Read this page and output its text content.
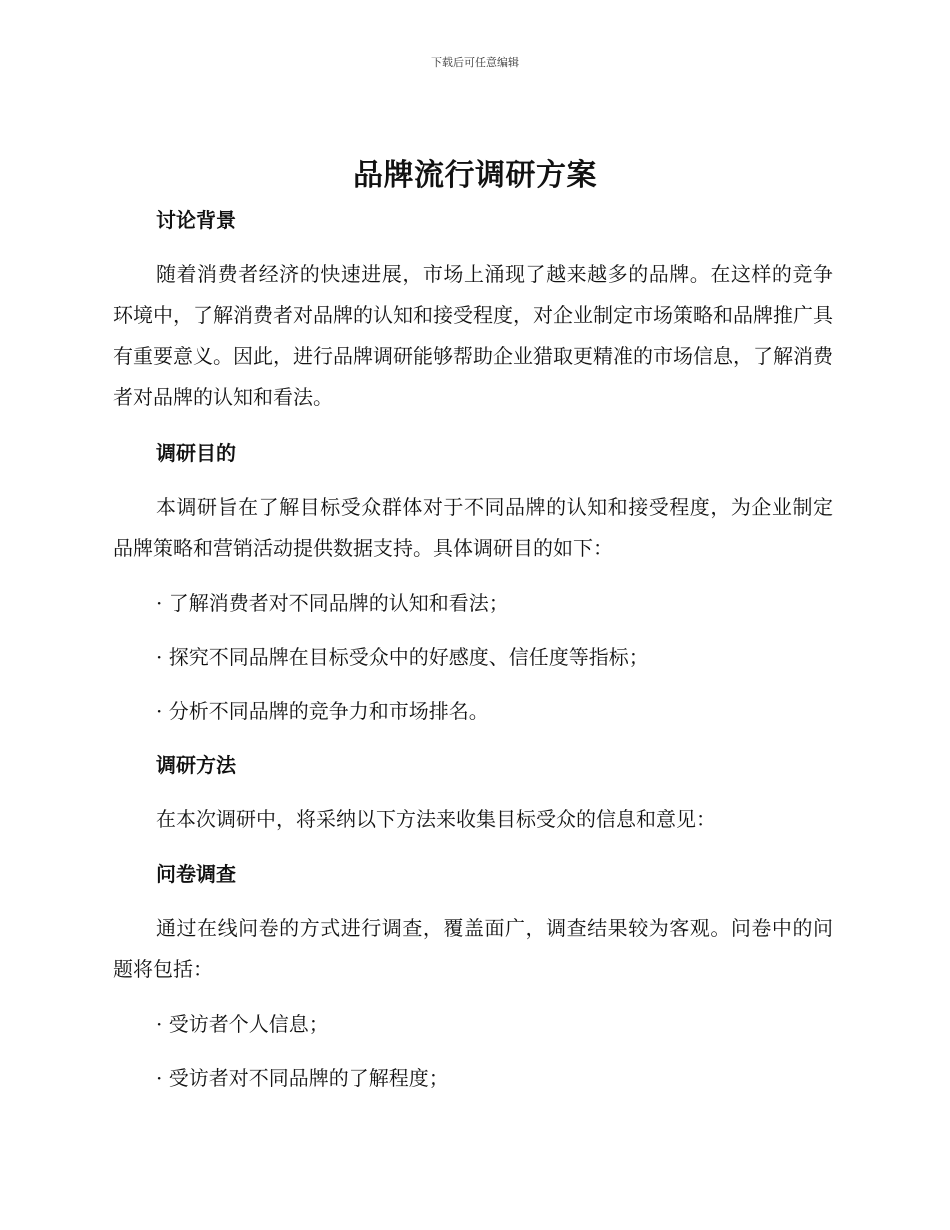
下载后可任意编辑
品牌流行调研方案

讨论背景

随着消费者经济的快速进展，市场上涌现了越来越多的品牌。在这样的竞争环境中，了解消费者对品牌的认知和接受程度，对企业制定市场策略和品牌推广具有重要意义。因此，进行品牌调研能够帮助企业猎取更精准的市场信息，了解消费者对品牌的认知和看法。

调研目的

本调研旨在了解目标受众群体对于不同品牌的认知和接受程度，为企业制定品牌策略和营销活动提供数据支持。具体调研目的如下：

· 了解消费者对不同品牌的认知和看法；

· 探究不同品牌在目标受众中的好感度、信任度等指标；

· 分析不同品牌的竞争力和市场排名。

调研方法

在本次调研中，将采纳以下方法来收集目标受众的信息和意见：

问卷调查

通过在线问卷的方式进行调查，覆盖面广，调查结果较为客观。问卷中的问题将包括：

· 受访者个人信息；

· 受访者对不同品牌的了解程度；
